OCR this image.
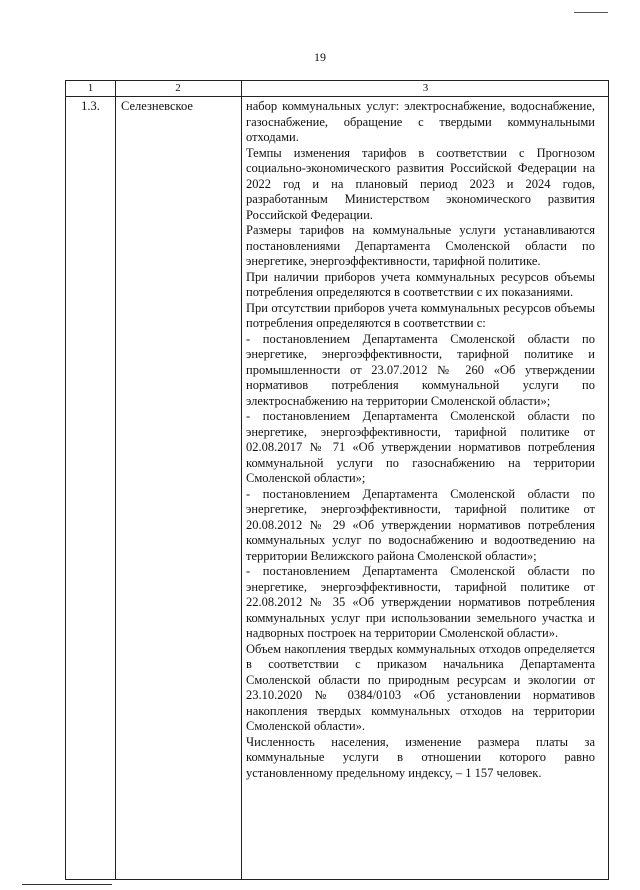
19
1	2	3
1.3.	Селезневское	набор коммунальных услуг: электроснабжение, водоснабжение, газоснабжение, обращение с твердыми коммунальными отходами.

Темпы изменения тарифов в соответствии с Прогнозом социально-экономического развития Российской Федерации на 2022 год и на плановый период 2023 и 2024 годов, разработанным Министерством экономического развития Российской Федерации.

Размеры тарифов на коммунальные услуги устанавливаются постановлениями Департамента Смоленской области по энергетике, энергоэффективности, тарифной политике.

При наличии приборов учета коммунальных ресурсов объемы потребления определяются в соответствии с их показаниями.

При отсутствии приборов учета коммунальных ресурсов объемы потребления определяются в соответствии с:

- постановлением Департамента Смоленской области по энергетике, энергоэффективности, тарифной политике и промышленности от 23.07.2012 № 260 «Об утверждении нормативов потребления коммунальной услуги по электроснабжению на территории Смоленской области»;

- постановлением Департамента Смоленской области по энергетике, энергоэффективности, тарифной политике от 02.08.2017 № 71 «Об утверждении нормативов потребления коммунальной услуги по газоснабжению на территории Смоленской области»;

- постановлением Департамента Смоленской области по энергетике, энергоэффективности, тарифной политике от 20.08.2012 № 29 «Об утверждении нормативов потребления коммунальных услуг по водоснабжению и водоотведению на территории Велижского района Смоленской области»;

- постановлением Департамента Смоленской области по энергетике, энергоэффективности, тарифной политике от 22.08.2012 № 35 «Об утверждении нормативов потребления коммунальных услуг при использовании земельного участка и надворных построек на территории Смоленской области».

Объем накопления твердых коммунальных отходов определяется в соответствии с приказом начальника Департамента Смоленской области по природным ресурсам и экологии от 23.10.2020 № 0384/0103 «Об установлении нормативов накопления твердых коммунальных отходов на территории Смоленской области».

Численность населения, изменение размера платы за коммунальные услуги в отношении которого равно установленному предельному индексу, – 1 157 человек.
